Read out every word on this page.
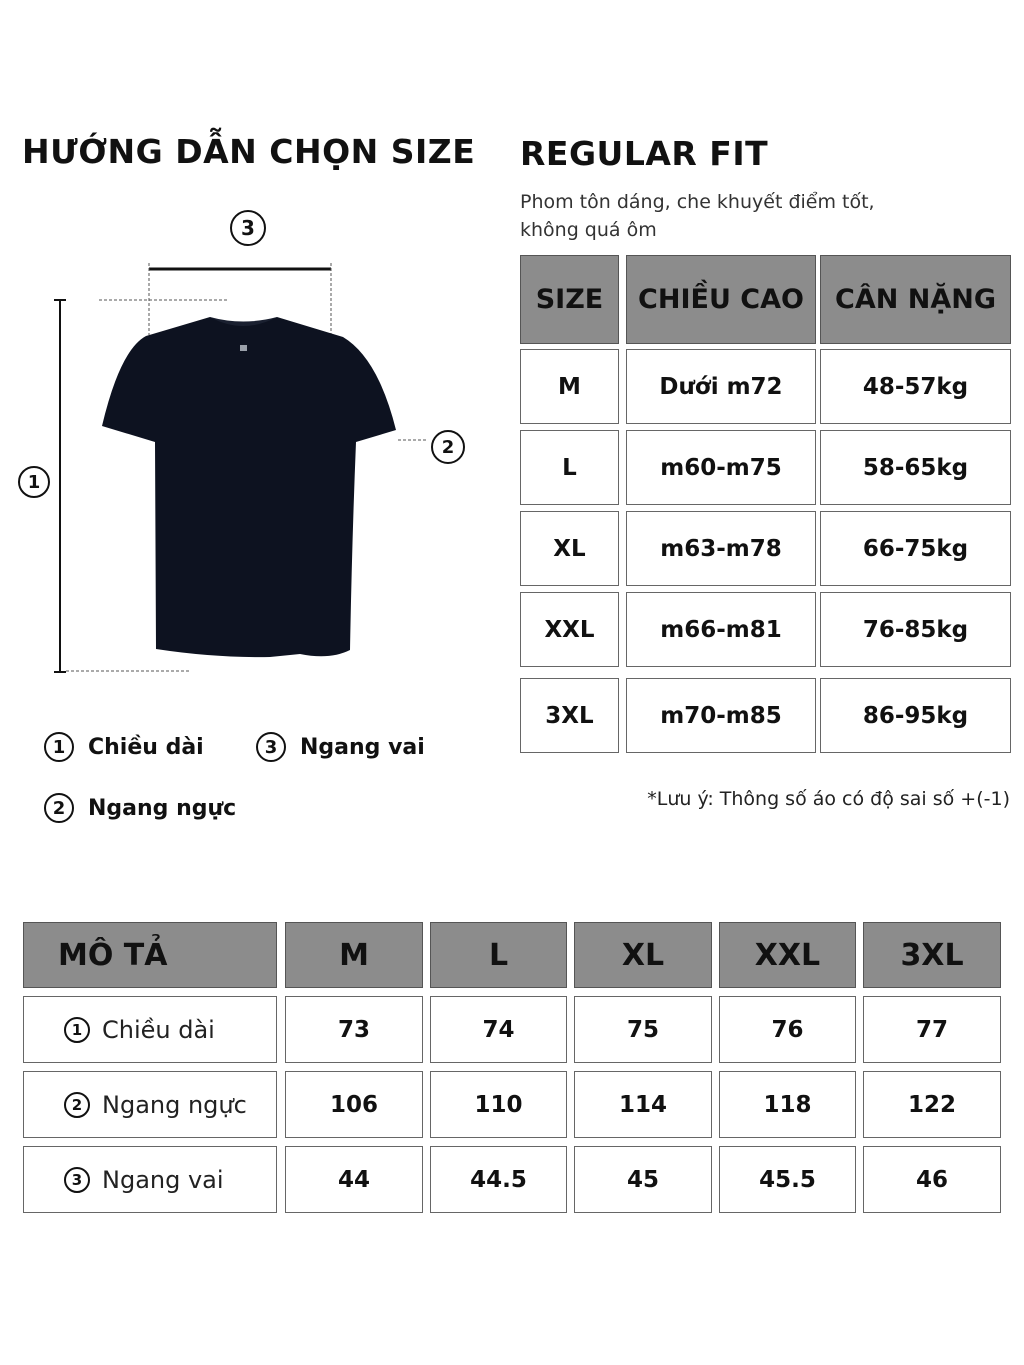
HƯỚNG DẪN CHỌN SIZE REGULAR FIT
Phom tôn dáng, che khuyết điểm tốt,
không quá ôm
3
1
2
1	Chiều dài	3	Ngang vai
2	Ngang ngực
SIZE	CHIỀU CAO	CÂN NẶNG
M	Dưới m72	48-57kg
L	m60-m75	58-65kg
XL	m63-m78	66-75kg
XXL	m66-m81	76-85kg
3XL	m70-m85	86-95kg
*Lưu ý: Thông số áo có độ sai số +(-1)
MÔ TẢ	M	L	XL	XXL	3XL
1 Chiều dài	73	74	75	76	77
2 Ngang ngực	106	110	114	118	122
3 Ngang vai	44	44.5	45	45.5	46
